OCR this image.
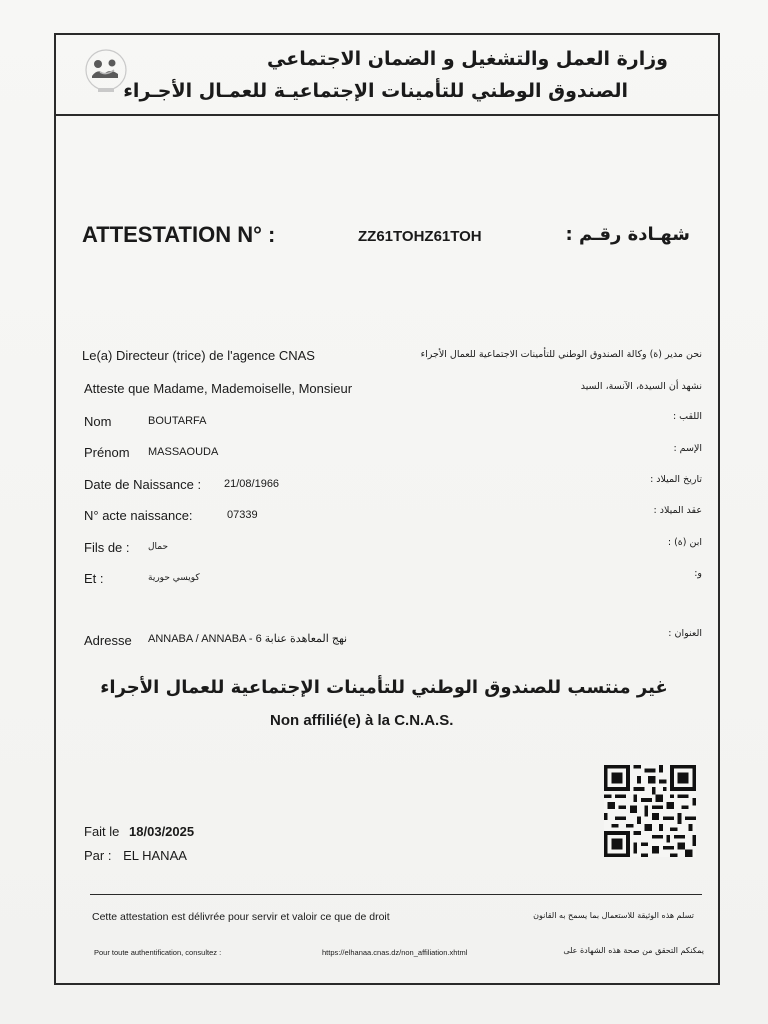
وزارة العمل والتشغيل و الضمان الاجتماعي
الصندوق الوطني للتأمينات الإجتماعيـة للعمـال الأجـراء
ATTESTATION N° :	ZZ61TOHZ61TOH	شهـادة رقـم :
Le(a) Directeur (trice) de l'agence CNAS	نحن مدير (ة) وكالة الصندوق الوطني للتأمينات الاجتماعية للعمال الأجراء
Atteste que Madame, Mademoiselle, Monsieur	نشهد أن السيدة، الآنسة، السيد
Nom	BOUTARFA	اللقب :
Prénom MASSAOUDA	الإسم :
Date de Naissance : 21/08/1966	تاريخ الميلاد :
N° acte naissance:	07339	عقد الميلاد :
Fils de : حمال	ابن (ة) :
Et :	كويسي حورية	و:
Adresse ANNABA / ANNABA - 6 نهج المعاهدة عنابة	العنوان :
غير منتسب للصندوق الوطني للتأمينات الإجتماعية للعمال الأجراء
Non affilié(e) à la C.N.A.S.
Fait le 18/03/2025
Par : EL HANAA
Cette attestation est délivrée pour servir et valoir ce que de droit	تسلم هذه الوثيقة للاستعمال بما يسمح به القانون
Pour toute authentification, consultez :	https://elhanaa.cnas.dz/non_affiliation.xhtml	يمكنكم التحقق من صحة هذه الشهادة على
